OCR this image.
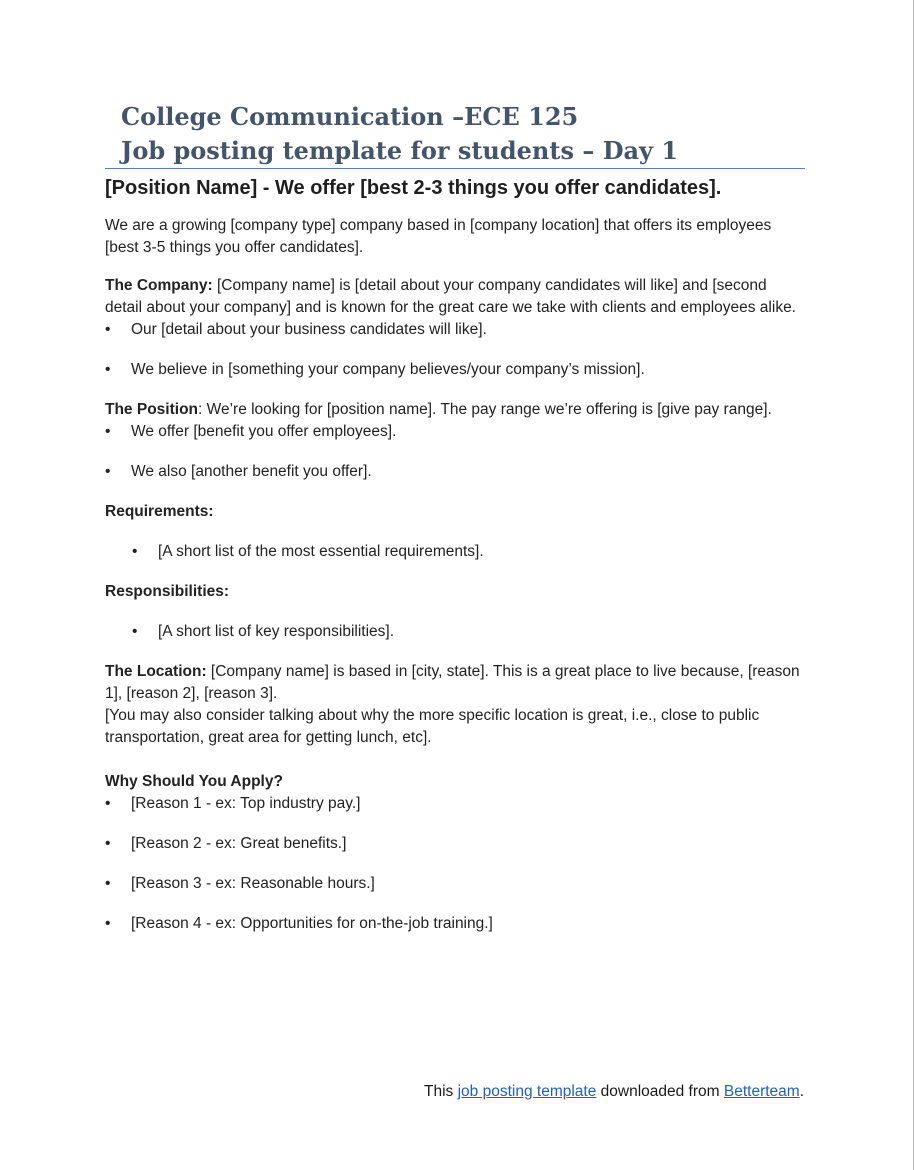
College Communication –ECE 125
Job posting template for students – Day 1
[Position Name] - We offer [best 2-3 things you offer candidates].

We are a growing [company type] company based in [company location] that offers its employees [best 3-5 things you offer candidates].

The Company: [Company name] is [detail about your company candidates will like] and [second detail about your company] and is known for the great care we take with clients and employees alike.

• Our [detail about your business candidates will like].
• We believe in [something your company believes/your company’s mission].

The Position: We’re looking for [position name]. The pay range we’re offering is [give pay range].

• We offer [benefit you offer employees].
• We also [another benefit you offer].
Requirements:
• [A short list of the most essential requirements].
Responsibilities:
• [A short list of key responsibilities].

The Location: [Company name] is based in [city, state]. This is a great place to live because, [reason 1], [reason 2], [reason 3].

[You may also consider talking about why the more specific location is great, i.e., close to public transportation, great area for getting lunch, etc].

Why Should You Apply?
• [Reason 1 - ex: Top industry pay.]
• [Reason 2 - ex: Great benefits.]
• [Reason 3 - ex: Reasonable hours.]
• [Reason 4 - ex: Opportunities for on-the-job training.]
This job posting template downloaded from Betterteam.
